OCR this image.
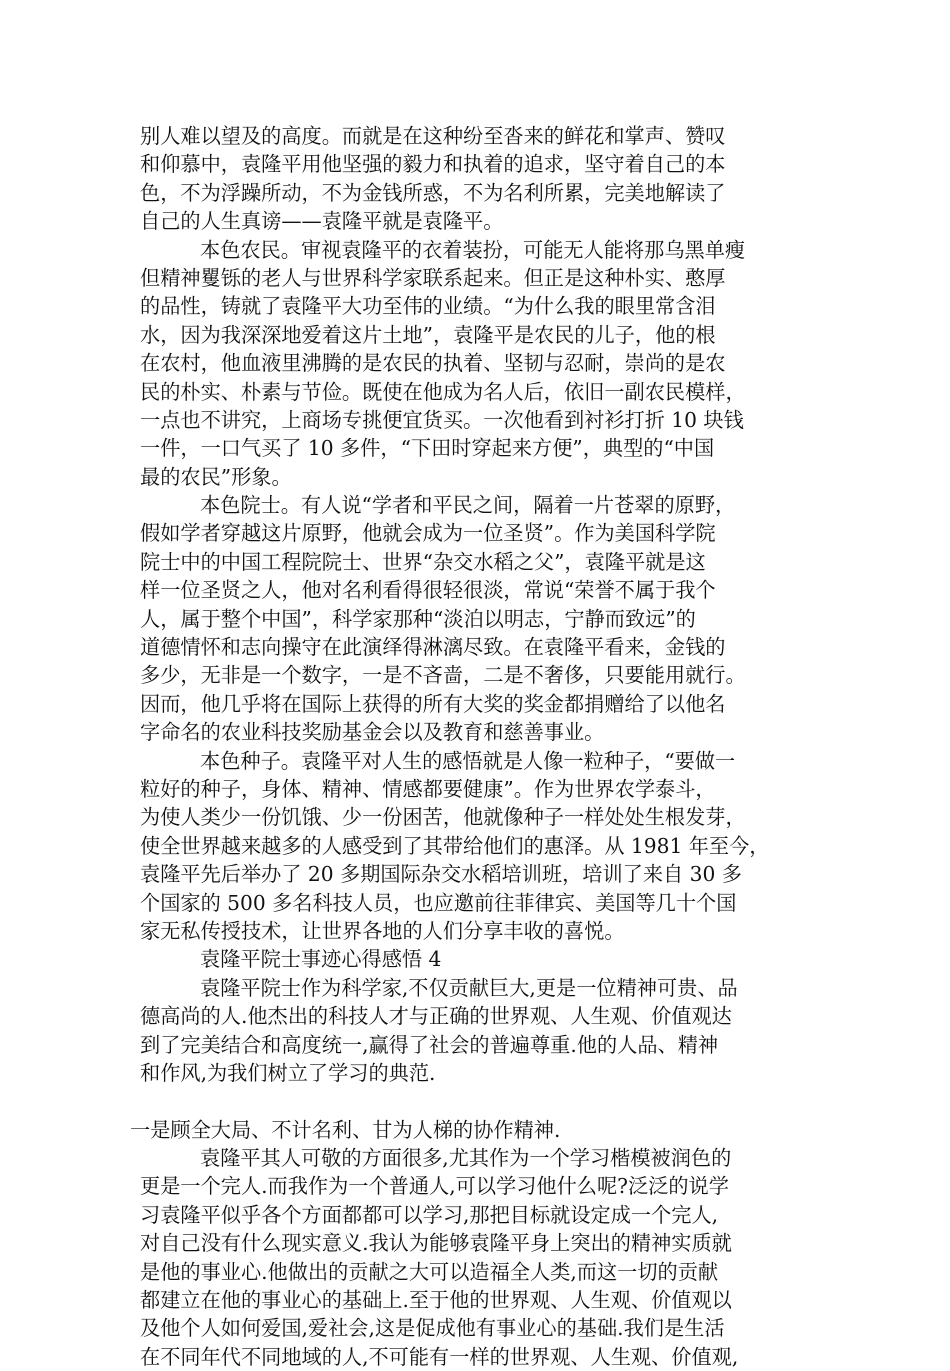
别人难以望及的高度。而就是在这种纷至沓来的鲜花和掌声、赞叹
和仰慕中，袁隆平用他坚强的毅力和执着的追求，坚守着自己的本
色，不为浮躁所动，不为金钱所惑，不为名利所累，完美地解读了
自己的人生真谤——袁隆平就是袁隆平。
本色农民。审视袁隆平的衣着装扮，可能无人能将那乌黑单瘦
但精神矍铄的老人与世界科学家联系起来。但正是这种朴实、憨厚
的品性，铸就了袁隆平大功至伟的业绩。“为什么我的眼里常含泪
水，因为我深深地爱着这片土地”，袁隆平是农民的儿子，他的根
在农村，他血液里沸腾的是农民的执着、坚韧与忍耐，崇尚的是农
民的朴实、朴素与节俭。既使在他成为名人后，依旧一副农民模样，
一点也不讲究，上商场专挑便宜货买。一次他看到衬衫打折 10 块钱
一件，一口气买了 10 多件，“下田时穿起来方便”，典型的“中国
最的农民”形象。
本色院士。有人说“学者和平民之间，隔着一片苍翠的原野，
假如学者穿越这片原野，他就会成为一位圣贤”。作为美国科学院
院士中的中国工程院院士、世界“杂交水稻之父”，袁隆平就是这
样一位圣贤之人，他对名利看得很轻很淡，常说“荣誉不属于我个
人，属于整个中国”，科学家那种“淡泊以明志，宁静而致远”的
道德情怀和志向操守在此演绎得淋漓尽致。在袁隆平看来，金钱的
多少，无非是一个数字，一是不吝啬，二是不奢侈，只要能用就行。
因而，他几乎将在国际上获得的所有大奖的奖金都捐赠给了以他名
字命名的农业科技奖励基金会以及教育和慈善事业。
本色种子。袁隆平对人生的感悟就是人像一粒种子，“要做一
粒好的种子，身体、精神、情感都要健康”。作为世界农学泰斗，
为使人类少一份饥饿、少一份困苦，他就像种子一样处处生根发芽，
使全世界越来越多的人感受到了其带给他们的惠泽。从 1981 年至今，
袁隆平先后举办了 20 多期国际杂交水稻培训班，培训了来自 30 多
个国家的 500 多名科技人员，也应邀前往菲律宾、美国等几十个国
家无私传授技术，让世界各地的人们分享丰收的喜悦。
袁隆平院士事迹心得感悟 4
袁隆平院士作为科学家,不仅贡献巨大,更是一位精神可贵、品
德高尚的人.他杰出的科技人才与正确的世界观、人生观、价值观达
到了完美结合和高度统一,赢得了社会的普遍尊重.他的人品、精神
和作风,为我们树立了学习的典范.
一是顾全大局、不计名利、甘为人梯的协作精神.
袁隆平其人可敬的方面很多,尤其作为一个学习楷模被润色的
更是一个完人.而我作为一个普通人,可以学习他什么呢?泛泛的说学
习袁隆平似乎各个方面都都可以学习,那把目标就设定成一个完人,
对自己没有什么现实意义.我认为能够袁隆平身上突出的精神实质就
是他的事业心.他做出的贡献之大可以造福全人类,而这一切的贡献
都建立在他的事业心的基础上.至于他的世界观、人生观、价值观以
及他个人如何爱国,爱社会,这是促成他有事业心的基础.我们是生活
在不同年代不同地域的人,不可能有一样的世界观、人生观、价值观,
